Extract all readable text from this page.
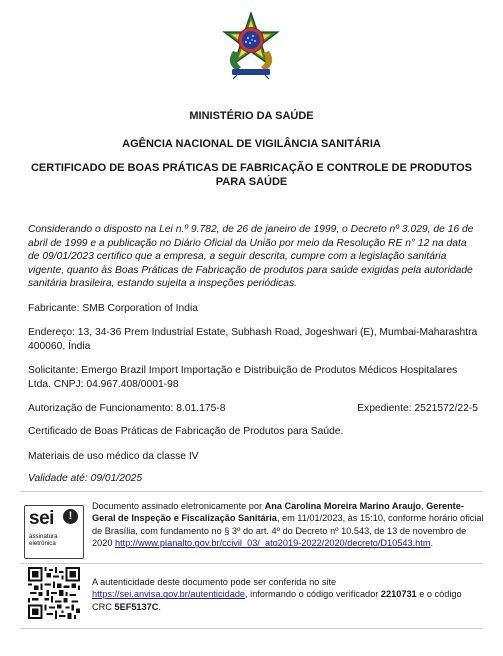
MINISTÉRIO DA SAÚDE
AGÊNCIA NACIONAL DE VIGILÂNCIA SANITÁRIA
CERTIFICADO DE BOAS PRÁTICAS DE FABRICAÇÃO E CONTROLE DE PRODUTOS PARA SAÚDE
Considerando o disposto na Lei n.º 9.782, de 26 de janeiro de 1999, o Decreto nº 3.029, de 16 de abril de 1999 e a publicação no Diário Oficial da União por meio da Resolução RE n° 12 na data de 09/01/2023 certifico que a empresa, a seguir descrita, cumpre com a legislação sanitária vigente, quanto às Boas Práticas de Fabricação de produtos para saúde exigidas pela autoridade sanitária brasileira, estando sujeita a inspeções periódicas.
Fabricante: SMB Corporation of India
Endereço: 13, 34-36 Prem Industrial Estate, Subhash Road, Jogeshwari (E), Mumbai-Maharashtra 400060, Índia
Solicitante: Emergo Brazil Import Importação e Distribuição de Produtos Médicos Hospitalares Ltda. CNPJ: 04.967.408/0001-98
Autorização de Funcionamento: 8.01.175-8	Expediente: 2521572/22-5
Certificado de Boas Práticas de Fabricação de Produtos para Saúde.
Materiais de uso médico da classe IV
Validade até: 09/01/2025
sei	!
assinatura
eletrônica
Documento assinado eletronicamente por Ana Carolina Moreira Marino Araujo, Gerente-Geral de Inspeção e Fiscalização Sanitária, em 11/01/2023, às 15:10, conforme horário oficial de Brasília, com fundamento no § 3º do art. 4º do Decreto nº 10.543, de 13 de novembro de 2020 http://www.planalto.gov.br/ccivil_03/_ato2019-2022/2020/decreto/D10543.htm.
A autenticidade deste documento pode ser conferida no site https://sei.anvisa.gov.br/autenticidade, informando o código verificador 2210731 e o código CRC 5EF5137C.
